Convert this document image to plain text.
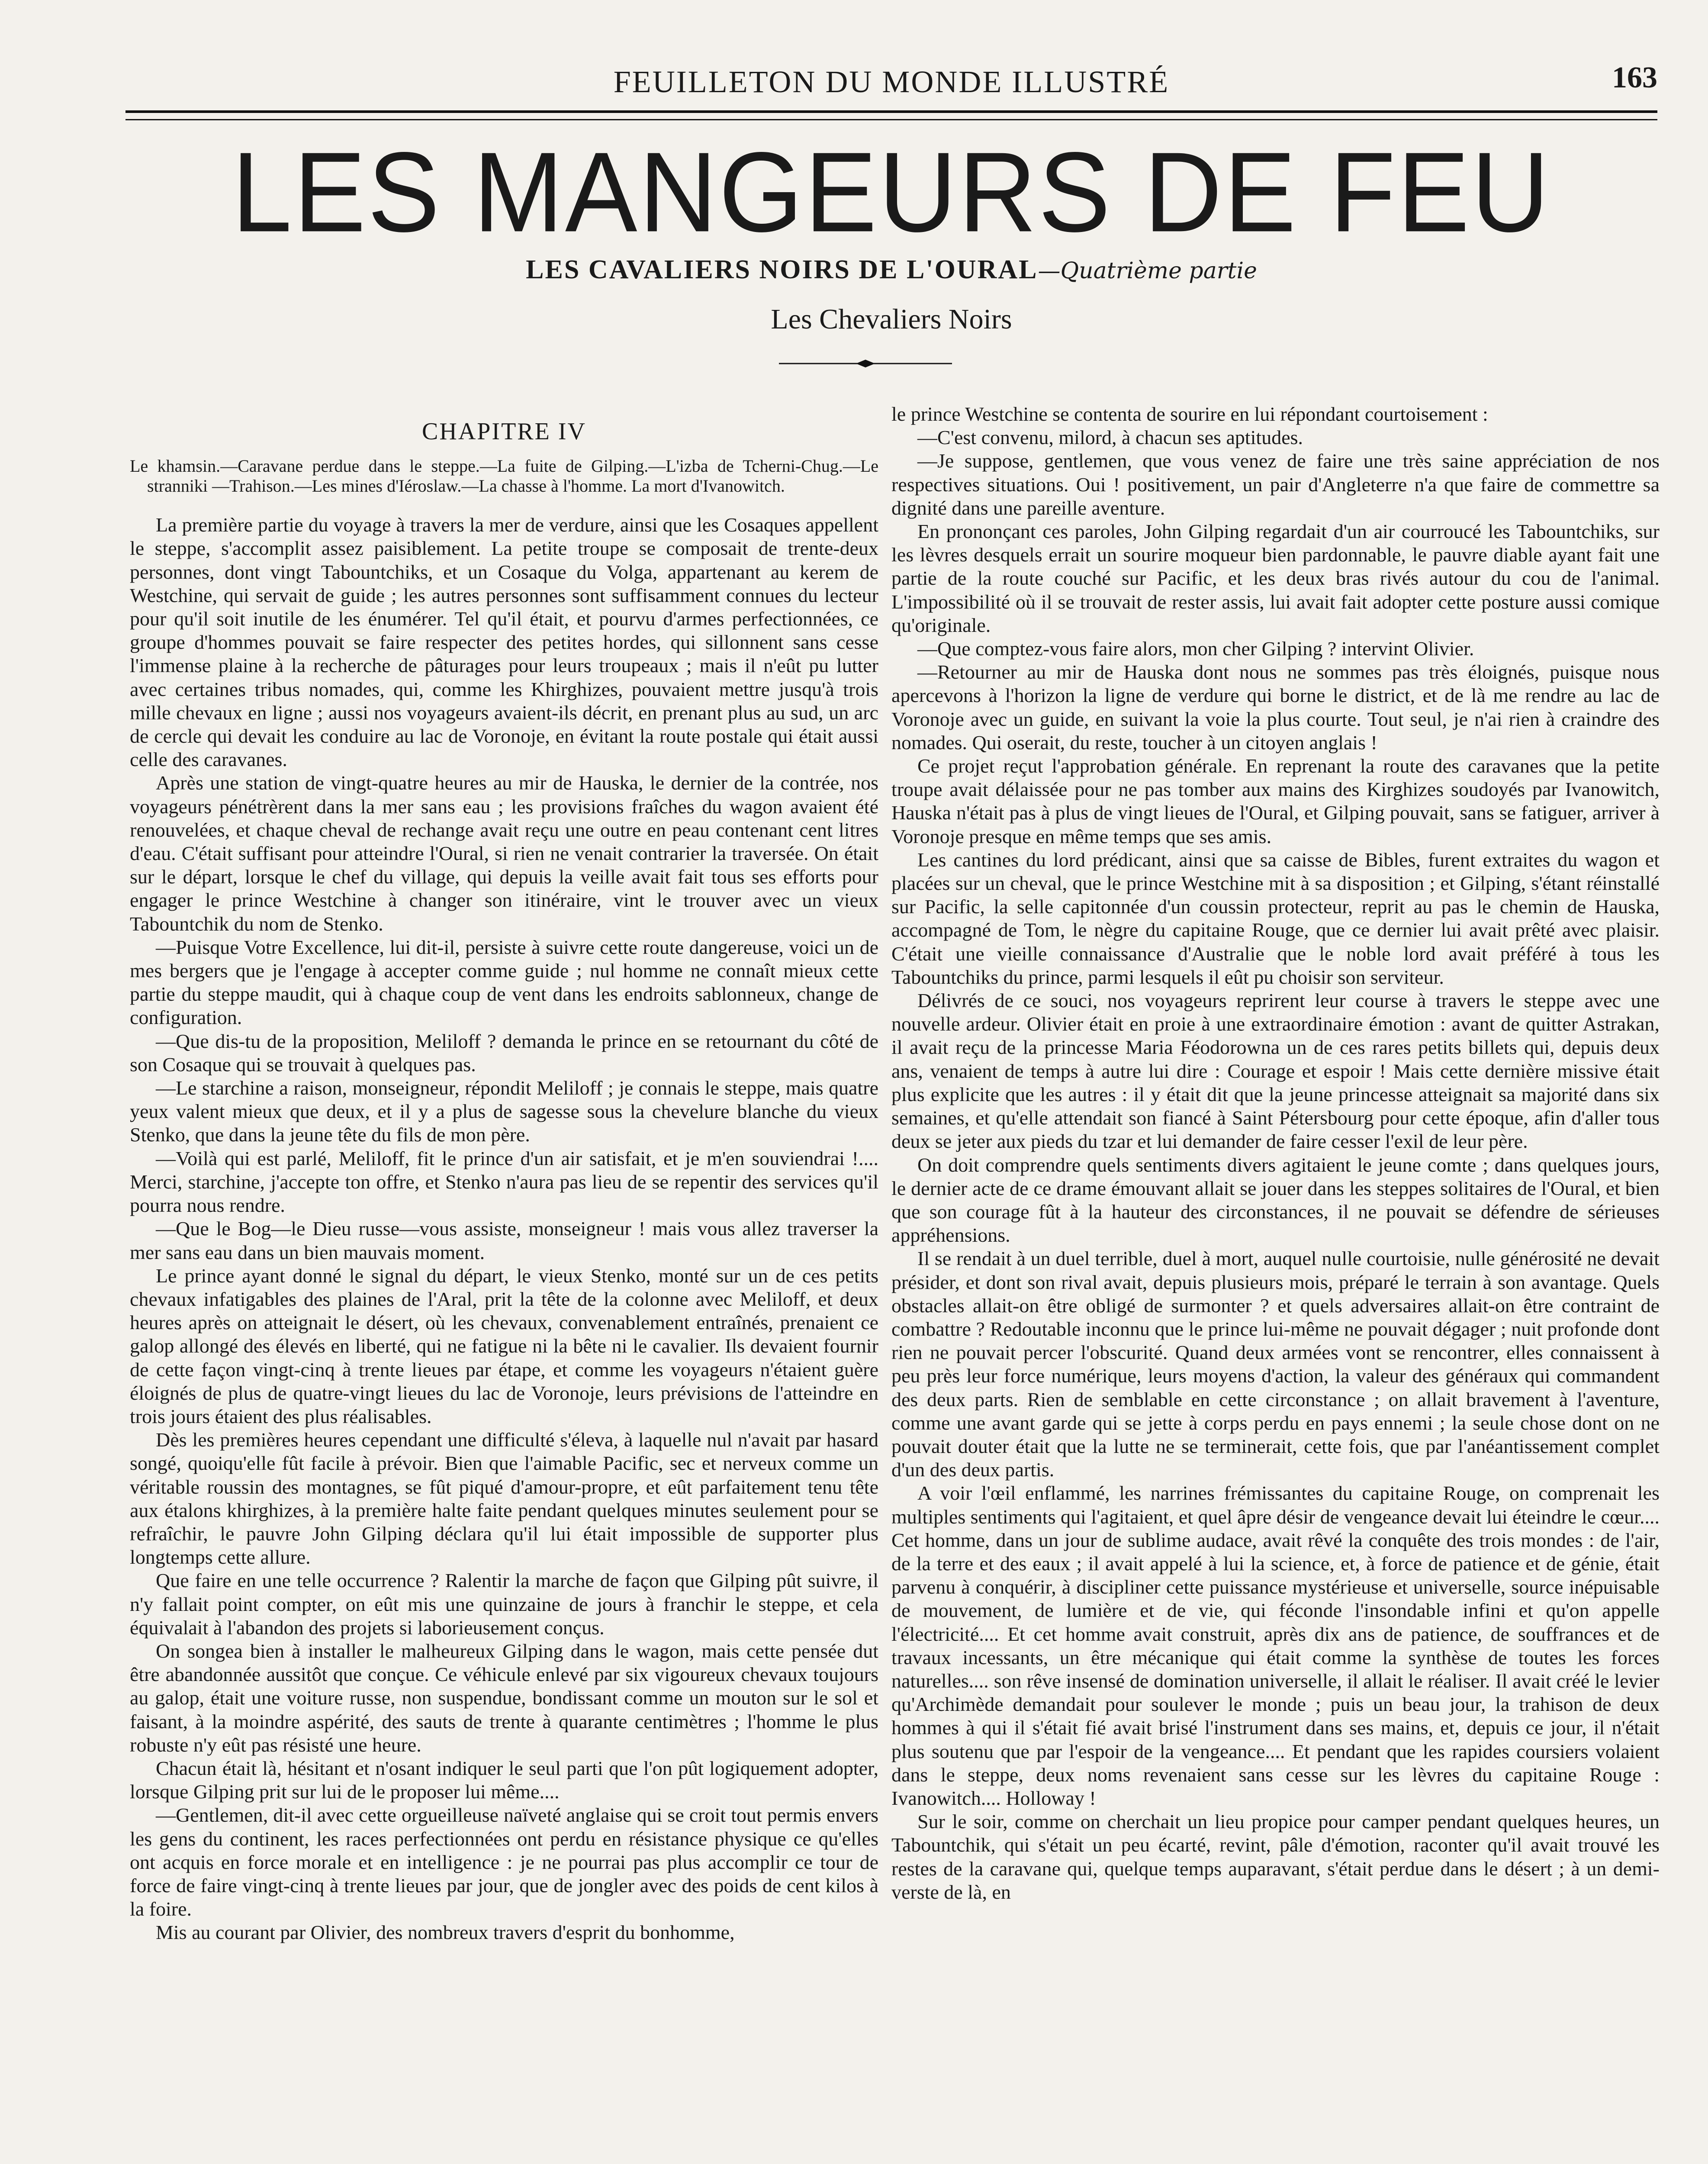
FEUILLETON DU MONDE ILLUSTRÉ	163
LES MANGEURS DE FEU
LES CAVALIERS NOIRS DE L'OURAL—Quatrième partie
Les Chevaliers Noirs
CHAPITRE IV

Le khamsin.—Caravane perdue dans le steppe.—La fuite de Gilping.—L'izba de Tcherni-Chug.—Le stranniki —Trahison.—Les mines d'Iéroslaw.—La chasse à l'homme. La mort d'Ivanowitch.

La première partie du voyage à travers la mer de verdure, ainsi que les Cosaques appellent le steppe, s'accomplit assez paisiblement. La petite troupe se composait de trente-deux personnes, dont vingt Tabountchiks, et un Cosaque du Volga, appartenant au kerem de Westchine, qui servait de guide ; les autres personnes sont suffisamment connues du lecteur pour qu'il soit inutile de les énumérer. Tel qu'il était, et pourvu d'armes perfectionnées, ce groupe d'hommes pouvait se faire respecter des petites hordes, qui sillonnent sans cesse l'immense plaine à la recherche de pâturages pour leurs troupeaux ; mais il n'eût pu lutter avec certaines tribus nomades, qui, comme les Khirghizes, pouvaient mettre jusqu'à trois mille chevaux en ligne ; aussi nos voyageurs avaient-ils décrit, en prenant plus au sud, un arc de cercle qui devait les conduire au lac de Voronoje, en évitant la route postale qui était aussi celle des caravanes.

Après une station de vingt-quatre heures au mir de Hauska, le dernier de la contrée, nos voyageurs pénétrèrent dans la mer sans eau ; les provisions fraîches du wagon avaient été renouvelées, et chaque cheval de rechange avait reçu une outre en peau contenant cent litres d'eau. C'était suffisant pour atteindre l'Oural, si rien ne venait contrarier la traversée. On était sur le départ, lorsque le chef du village, qui depuis la veille avait fait tous ses efforts pour engager le prince Westchine à changer son itinéraire, vint le trouver avec un vieux Tabountchik du nom de Stenko.

—Puisque Votre Excellence, lui dit-il, persiste à suivre cette route dangereuse, voici un de mes bergers que je l'engage à accepter comme guide ; nul homme ne connaît mieux cette partie du steppe maudit, qui à chaque coup de vent dans les endroits sablonneux, change de configuration.

—Que dis-tu de la proposition, Meliloff ? demanda le prince en se retournant du côté de son Cosaque qui se trouvait à quelques pas.

—Le starchine a raison, monseigneur, répondit Meliloff ; je connais le steppe, mais quatre yeux valent mieux que deux, et il y a plus de sagesse sous la chevelure blanche du vieux Stenko, que dans la jeune tête du fils de mon père.

—Voilà qui est parlé, Meliloff, fit le prince d'un air satisfait, et je m'en souviendrai !.... Merci, starchine, j'accepte ton offre, et Stenko n'aura pas lieu de se repentir des services qu'il pourra nous rendre.

—Que le Bog—le Dieu russe—vous assiste, monseigneur ! mais vous allez traverser la mer sans eau dans un bien mauvais moment.

Le prince ayant donné le signal du départ, le vieux Stenko, monté sur un de ces petits chevaux infatigables des plaines de l'Aral, prit la tête de la colonne avec Meliloff, et deux heures après on atteignait le désert, où les chevaux, convenablement entraînés, prenaient ce galop allongé des élevés en liberté, qui ne fatigue ni la bête ni le cavalier. Ils devaient fournir de cette façon vingt-cinq à trente lieues par étape, et comme les voyageurs n'étaient guère éloignés de plus de quatre-vingt lieues du lac de Voronoje, leurs prévisions de l'atteindre en trois jours étaient des plus réalisables.

Dès les premières heures cependant une difficulté s'éleva, à laquelle nul n'avait par hasard songé, quoiqu'elle fût facile à prévoir. Bien que l'aimable Pacific, sec et nerveux comme un véritable roussin des montagnes, se fût piqué d'amour-propre, et eût parfaitement tenu tête aux étalons khirghizes, à la première halte faite pendant quelques minutes seulement pour se refraîchir, le pauvre John Gilping déclara qu'il lui était impossible de supporter plus longtemps cette allure.

Que faire en une telle occurrence ? Ralentir la marche de façon que Gilping pût suivre, il n'y fallait point compter, on eût mis une quinzaine de jours à franchir le steppe, et cela équivalait à l'abandon des projets si laborieusement conçus.

On songea bien à installer le malheureux Gilping dans le wagon, mais cette pensée dut être abandonnée aussitôt que conçue. Ce véhicule enlevé par six vigoureux chevaux toujours au galop, était une voiture russe, non suspendue, bondissant comme un mouton sur le sol et faisant, à la moindre aspérité, des sauts de trente à quarante centimètres ; l'homme le plus robuste n'y eût pas résisté une heure.

Chacun était là, hésitant et n'osant indiquer le seul parti que l'on pût logiquement adopter, lorsque Gilping prit sur lui de le proposer lui même....

—Gentlemen, dit-il avec cette orgueilleuse naïveté anglaise qui se croit tout permis envers les gens du continent, les races perfectionnées ont perdu en résistance physique ce qu'elles ont acquis en force morale et en intelligence : je ne pourrai pas plus accomplir ce tour de force de faire vingt-cinq à trente lieues par jour, que de jongler avec des poids de cent kilos à la foire.

Mis au courant par Olivier, des nombreux travers d'esprit du bonhomme,

le prince Westchine se contenta de sourire en lui répondant courtoisement :

—C'est convenu, milord, à chacun ses aptitudes.

—Je suppose, gentlemen, que vous venez de faire une très saine appréciation de nos respectives situations. Oui ! positivement, un pair d'Angleterre n'a que faire de commettre sa dignité dans une pareille aventure.

En prononçant ces paroles, John Gilping regardait d'un air courroucé les Tabountchiks, sur les lèvres desquels errait un sourire moqueur bien pardonnable, le pauvre diable ayant fait une partie de la route couché sur Pacific, et les deux bras rivés autour du cou de l'animal. L'impossibilité où il se trouvait de rester assis, lui avait fait adopter cette posture aussi comique qu'originale.

—Que comptez-vous faire alors, mon cher Gilping ? intervint Olivier.

—Retourner au mir de Hauska dont nous ne sommes pas très éloignés, puisque nous apercevons à l'horizon la ligne de verdure qui borne le district, et de là me rendre au lac de Voronoje avec un guide, en suivant la voie la plus courte. Tout seul, je n'ai rien à craindre des nomades. Qui oserait, du reste, toucher à un citoyen anglais !

Ce projet reçut l'approbation générale. En reprenant la route des caravanes que la petite troupe avait délaissée pour ne pas tomber aux mains des Kirghizes soudoyés par Ivanowitch, Hauska n'était pas à plus de vingt lieues de l'Oural, et Gilping pouvait, sans se fatiguer, arriver à Voronoje presque en même temps que ses amis.

Les cantines du lord prédicant, ainsi que sa caisse de Bibles, furent extraites du wagon et placées sur un cheval, que le prince Westchine mit à sa disposition ; et Gilping, s'étant réinstallé sur Pacific, la selle capitonnée d'un coussin protecteur, reprit au pas le chemin de Hauska, accompagné de Tom, le nègre du capitaine Rouge, que ce dernier lui avait prêté avec plaisir. C'était une vieille connaissance d'Australie que le noble lord avait préféré à tous les Tabountchiks du prince, parmi lesquels il eût pu choisir son serviteur.

Délivrés de ce souci, nos voyageurs reprirent leur course à travers le steppe avec une nouvelle ardeur. Olivier était en proie à une extraordinaire émotion : avant de quitter Astrakan, il avait reçu de la princesse Maria Féodorowna un de ces rares petits billets qui, depuis deux ans, venaient de temps à autre lui dire : Courage et espoir ! Mais cette dernière missive était plus explicite que les autres : il y était dit que la jeune princesse atteignait sa majorité dans six semaines, et qu'elle attendait son fiancé à Saint Pétersbourg pour cette époque, afin d'aller tous deux se jeter aux pieds du tzar et lui demander de faire cesser l'exil de leur père.

On doit comprendre quels sentiments divers agitaient le jeune comte ; dans quelques jours, le dernier acte de ce drame émouvant allait se jouer dans les steppes solitaires de l'Oural, et bien que son courage fût à la hauteur des circonstances, il ne pouvait se défendre de sérieuses appréhensions.

Il se rendait à un duel terrible, duel à mort, auquel nulle courtoisie, nulle générosité ne devait présider, et dont son rival avait, depuis plusieurs mois, préparé le terrain à son avantage. Quels obstacles allait-on être obligé de surmonter ? et quels adversaires allait-on être contraint de combattre ? Redoutable inconnu que le prince lui-même ne pouvait dégager ; nuit profonde dont rien ne pouvait percer l'obscurité. Quand deux armées vont se rencontrer, elles connaissent à peu près leur force numérique, leurs moyens d'action, la valeur des généraux qui commandent des deux parts. Rien de semblable en cette circonstance ; on allait bravement à l'aventure, comme une avant garde qui se jette à corps perdu en pays ennemi ; la seule chose dont on ne pouvait douter était que la lutte ne se terminerait, cette fois, que par l'anéantissement complet d'un des deux partis.

A voir l'œil enflammé, les narrines frémissantes du capitaine Rouge, on comprenait les multiples sentiments qui l'agitaient, et quel âpre désir de vengeance devait lui éteindre le cœur.... Cet homme, dans un jour de sublime audace, avait rêvé la conquête des trois mondes : de l'air, de la terre et des eaux ; il avait appelé à lui la science, et, à force de patience et de génie, était parvenu à conquérir, à discipliner cette puissance mystérieuse et universelle, source inépuisable de mouvement, de lumière et de vie, qui féconde l'insondable infini et qu'on appelle l'électricité.... Et cet homme avait construit, après dix ans de patience, de souffrances et de travaux incessants, un être mécanique qui était comme la synthèse de toutes les forces naturelles.... son rêve insensé de domination universelle, il allait le réaliser. Il avait créé le levier qu'Archimède demandait pour soulever le monde ; puis un beau jour, la trahison de deux hommes à qui il s'était fié avait brisé l'instrument dans ses mains, et, depuis ce jour, il n'était plus soutenu que par l'espoir de la vengeance.... Et pendant que les rapides coursiers volaient dans le steppe, deux noms revenaient sans cesse sur les lèvres du capitaine Rouge : Ivanowitch.... Holloway !

Sur le soir, comme on cherchait un lieu propice pour camper pendant quelques heures, un Tabountchik, qui s'était un peu écarté, revint, pâle d'émotion, raconter qu'il avait trouvé les restes de la caravane qui, quelque temps auparavant, s'était perdue dans le désert ; à un demi-verste de là, en
